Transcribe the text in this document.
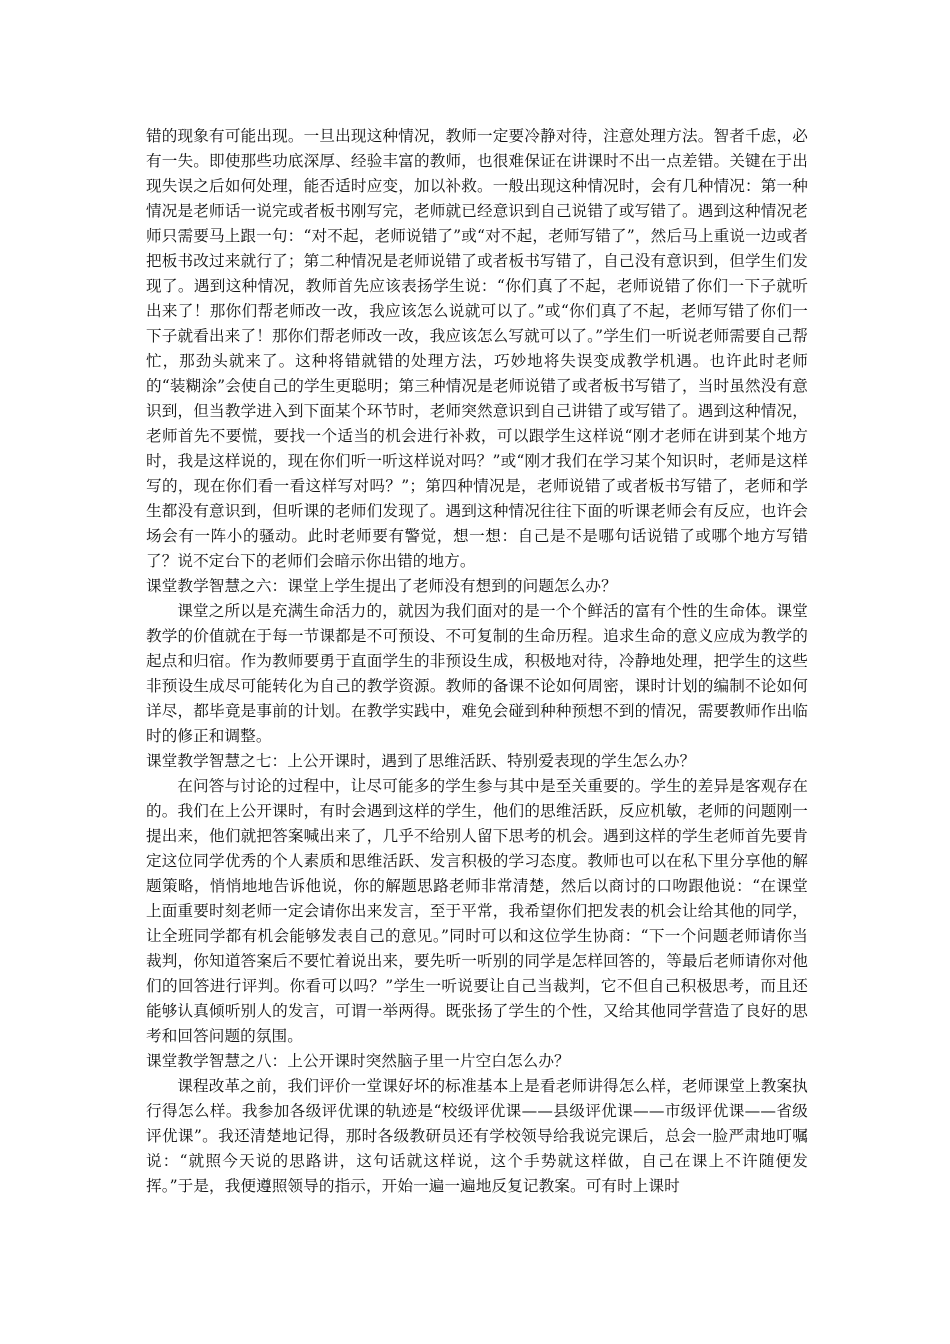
错的现象有可能出现。一旦出现这种情况，教师一定要冷静对待，注意处理方法。智者千虑，必有一失。即使那些功底深厚、经验丰富的教师，也很难保证在讲课时不出一点差错。关键在于出现失误之后如何处理，能否适时应变，加以补救。一般出现这种情况时，会有几种情况：第一种情况是老师话一说完或者板书刚写完，老师就已经意识到自己说错了或写错了。遇到这种情况老师只需要马上跟一句：“对不起，老师说错了”或“对不起，老师写错了”，然后马上重说一边或者把板书改过来就行了；第二种情况是老师说错了或者板书写错了，自己没有意识到，但学生们发现了。遇到这种情况，教师首先应该表扬学生说：“你们真了不起，老师说错了你们一下子就听出来了！那你们帮老师改一改，我应该怎么说就可以了。”或“你们真了不起，老师写错了你们一下子就看出来了！那你们帮老师改一改，我应该怎么写就可以了。”学生们一听说老师需要自己帮忙，那劲头就来了。这种将错就错的处理方法，巧妙地将失误变成教学机遇。也许此时老师的“装糊涂”会使自己的学生更聪明；第三种情况是老师说错了或者板书写错了，当时虽然没有意识到，但当教学进入到下面某个环节时，老师突然意识到自己讲错了或写错了。遇到这种情况，老师首先不要慌，要找一个适当的机会进行补救，可以跟学生这样说“刚才老师在讲到某个地方时，我是这样说的，现在你们听一听这样说对吗？”或“刚才我们在学习某个知识时，老师是这样写的，现在你们看一看这样写对吗？”；第四种情况是，老师说错了或者板书写错了，老师和学生都没有意识到，但听课的老师们发现了。遇到这种情况往往下面的听课老师会有反应，也许会场会有一阵小的骚动。此时老师要有警觉，想一想：自己是不是哪句话说错了或哪个地方写错了？说不定台下的老师们会暗示你出错的地方。

课堂教学智慧之六：课堂上学生提出了老师没有想到的问题怎么办？

课堂之所以是充满生命活力的，就因为我们面对的是一个个鲜活的富有个性的生命体。课堂教学的价值就在于每一节课都是不可预设、不可复制的生命历程。追求生命的意义应成为教学的起点和归宿。作为教师要勇于直面学生的非预设生成，积极地对待，冷静地处理，把学生的这些非预设生成尽可能转化为自己的教学资源。教师的备课不论如何周密，课时计划的编制不论如何详尽，都毕竟是事前的计划。在教学实践中，难免会碰到种种预想不到的情况，需要教师作出临时的修正和调整。

课堂教学智慧之七：上公开课时，遇到了思维活跃、特别爱表现的学生怎么办？

在问答与讨论的过程中，让尽可能多的学生参与其中是至关重要的。学生的差异是客观存在的。我们在上公开课时，有时会遇到这样的学生，他们的思维活跃，反应机敏，老师的问题刚一提出来，他们就把答案喊出来了，几乎不给别人留下思考的机会。遇到这样的学生老师首先要肯定这位同学优秀的个人素质和思维活跃、发言积极的学习态度。教师也可以在私下里分享他的解题策略，悄悄地地告诉他说，你的解题思路老师非常清楚，然后以商讨的口吻跟他说：“在课堂上面重要时刻老师一定会请你出来发言，至于平常，我希望你们把发表的机会让给其他的同学，让全班同学都有机会能够发表自己的意见。”同时可以和这位学生协商：“下一个问题老师请你当裁判，你知道答案后不要忙着说出来，要先听一听别的同学是怎样回答的，等最后老师请你对他们的回答进行评判。你看可以吗？”学生一听说要让自己当裁判，它不但自己积极思考，而且还能够认真倾听别人的发言，可谓一举两得。既张扬了学生的个性，又给其他同学营造了良好的思考和回答问题的氛围。

课堂教学智慧之八：上公开课时突然脑子里一片空白怎么办？

课程改革之前，我们评价一堂课好坏的标准基本上是看老师讲得怎么样，老师课堂上教案执行得怎么样。我参加各级评优课的轨迹是“校级评优课——县级评优课——市级评优课——省级评优课”。我还清楚地记得，那时各级教研员还有学校领导给我说完课后，总会一脸严肃地叮嘱说：“就照今天说的思路讲，这句话就这样说，这个手势就这样做，自己在课上不许随便发挥。”于是，我便遵照领导的指示，开始一遍一遍地反复记教案。可有时上课时
